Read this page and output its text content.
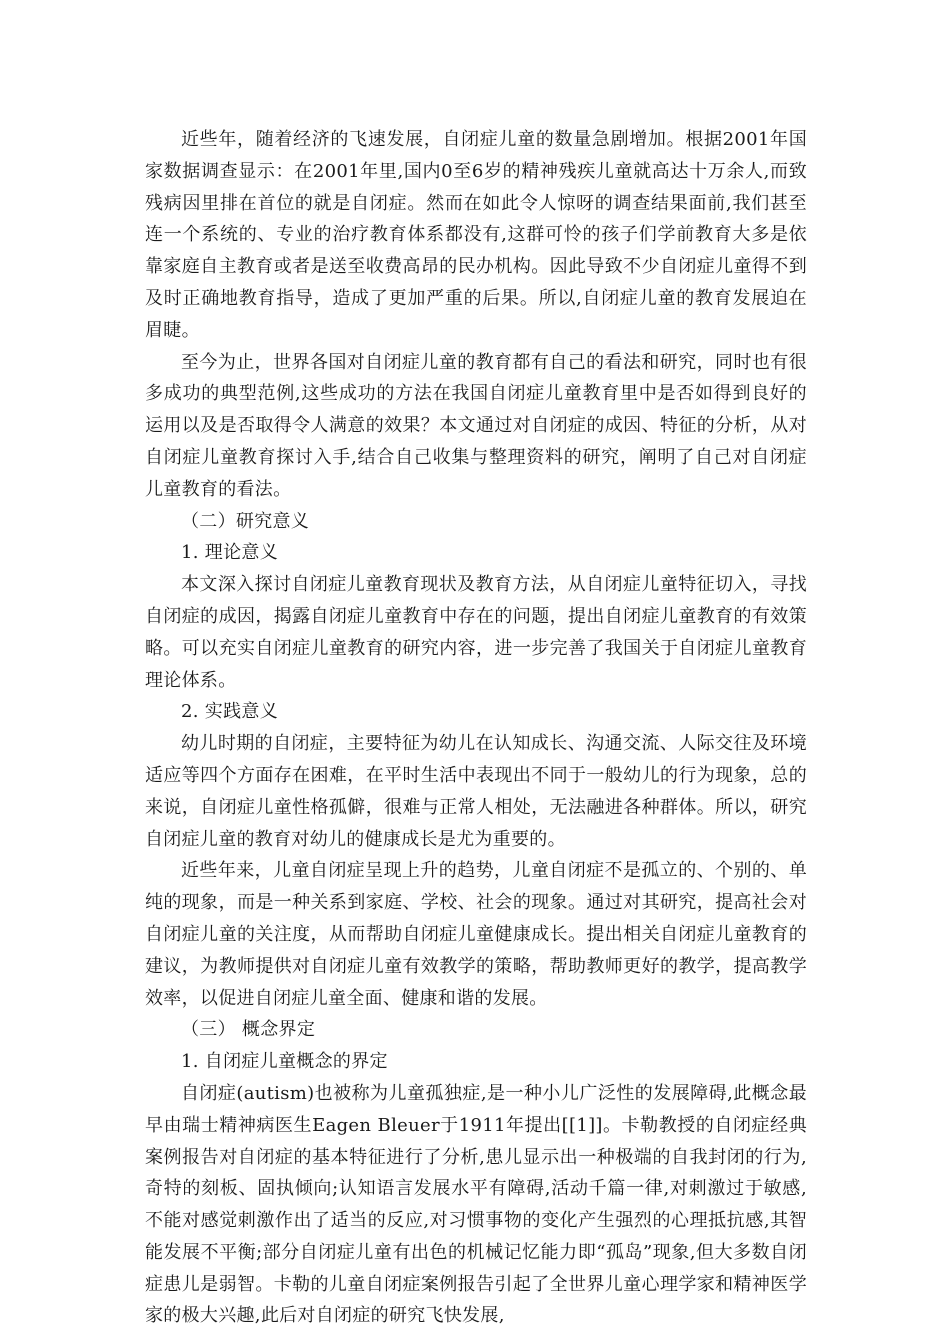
近些年，随着经济的飞速发展，自闭症儿童的数量急剧增加。根据2001年国家数据调查显示：在2001年里,国内0至6岁的精神残疾儿童就高达十万余人,而致残病因里排在首位的就是自闭症。然而在如此令人惊呀的调查结果面前,我们甚至连一个系统的、专业的治疗教育体系都没有,这群可怜的孩子们学前教育大多是依靠家庭自主教育或者是送至收费高昂的民办机构。因此导致不少自闭症儿童得不到及时正确地教育指导，造成了更加严重的后果。所以,自闭症儿童的教育发展迫在眉睫。

至今为止，世界各国对自闭症儿童的教育都有自己的看法和研究，同时也有很多成功的典型范例,这些成功的方法在我国自闭症儿童教育里中是否如得到良好的运用以及是否取得令人满意的效果？本文通过对自闭症的成因、特征的分析，从对自闭症儿童教育探讨入手,结合自己收集与整理资料的研究，阐明了自己对自闭症儿童教育的看法。

（二）研究意义

1. 理论意义

本文深入探讨自闭症儿童教育现状及教育方法，从自闭症儿童特征切入，寻找自闭症的成因，揭露自闭症儿童教育中存在的问题，提出自闭症儿童教育的有效策略。可以充实自闭症儿童教育的研究内容，进一步完善了我国关于自闭症儿童教育理论体系。

2. 实践意义

幼儿时期的自闭症，主要特征为幼儿在认知成长、沟通交流、人际交往及环境适应等四个方面存在困难，在平时生活中表现出不同于一般幼儿的行为现象，总的来说，自闭症儿童性格孤僻，很难与正常人相处，无法融进各种群体。所以，研究自闭症儿童的教育对幼儿的健康成长是尤为重要的。

近些年来，儿童自闭症呈现上升的趋势，儿童自闭症不是孤立的、个别的、单纯的现象，而是一种关系到家庭、学校、社会的现象。通过对其研究，提高社会对自闭症儿童的关注度，从而帮助自闭症儿童健康成长。提出相关自闭症儿童教育的建议，为教师提供对自闭症儿童有效教学的策略，帮助教师更好的教学，提高教学效率，以促进自闭症儿童全面、健康和谐的发展。

（三） 概念界定

1. 自闭症儿童概念的界定

自闭症(autism)也被称为儿童孤独症,是一种小儿广泛性的发展障碍,此概念最早由瑞士精神病医生Eagen Bleuer于1911年提出[[1]]。卡勒教授的自闭症经典案例报告对自闭症的基本特征进行了分析,患儿显示出一种极端的自我封闭的行为,奇特的刻板、固执倾向;认知语言发展水平有障碍,活动千篇一律,对刺激过于敏感,不能对感觉刺激作出了适当的反应,对习惯事物的变化产生强烈的心理抵抗感,其智能发展不平衡;部分自闭症儿童有出色的机械记忆能力即“孤岛”现象,但大多数自闭症患儿是弱智。卡勒的儿童自闭症案例报告引起了全世界儿童心理学家和精神医学家的极大兴趣,此后对自闭症的研究飞快发展,
